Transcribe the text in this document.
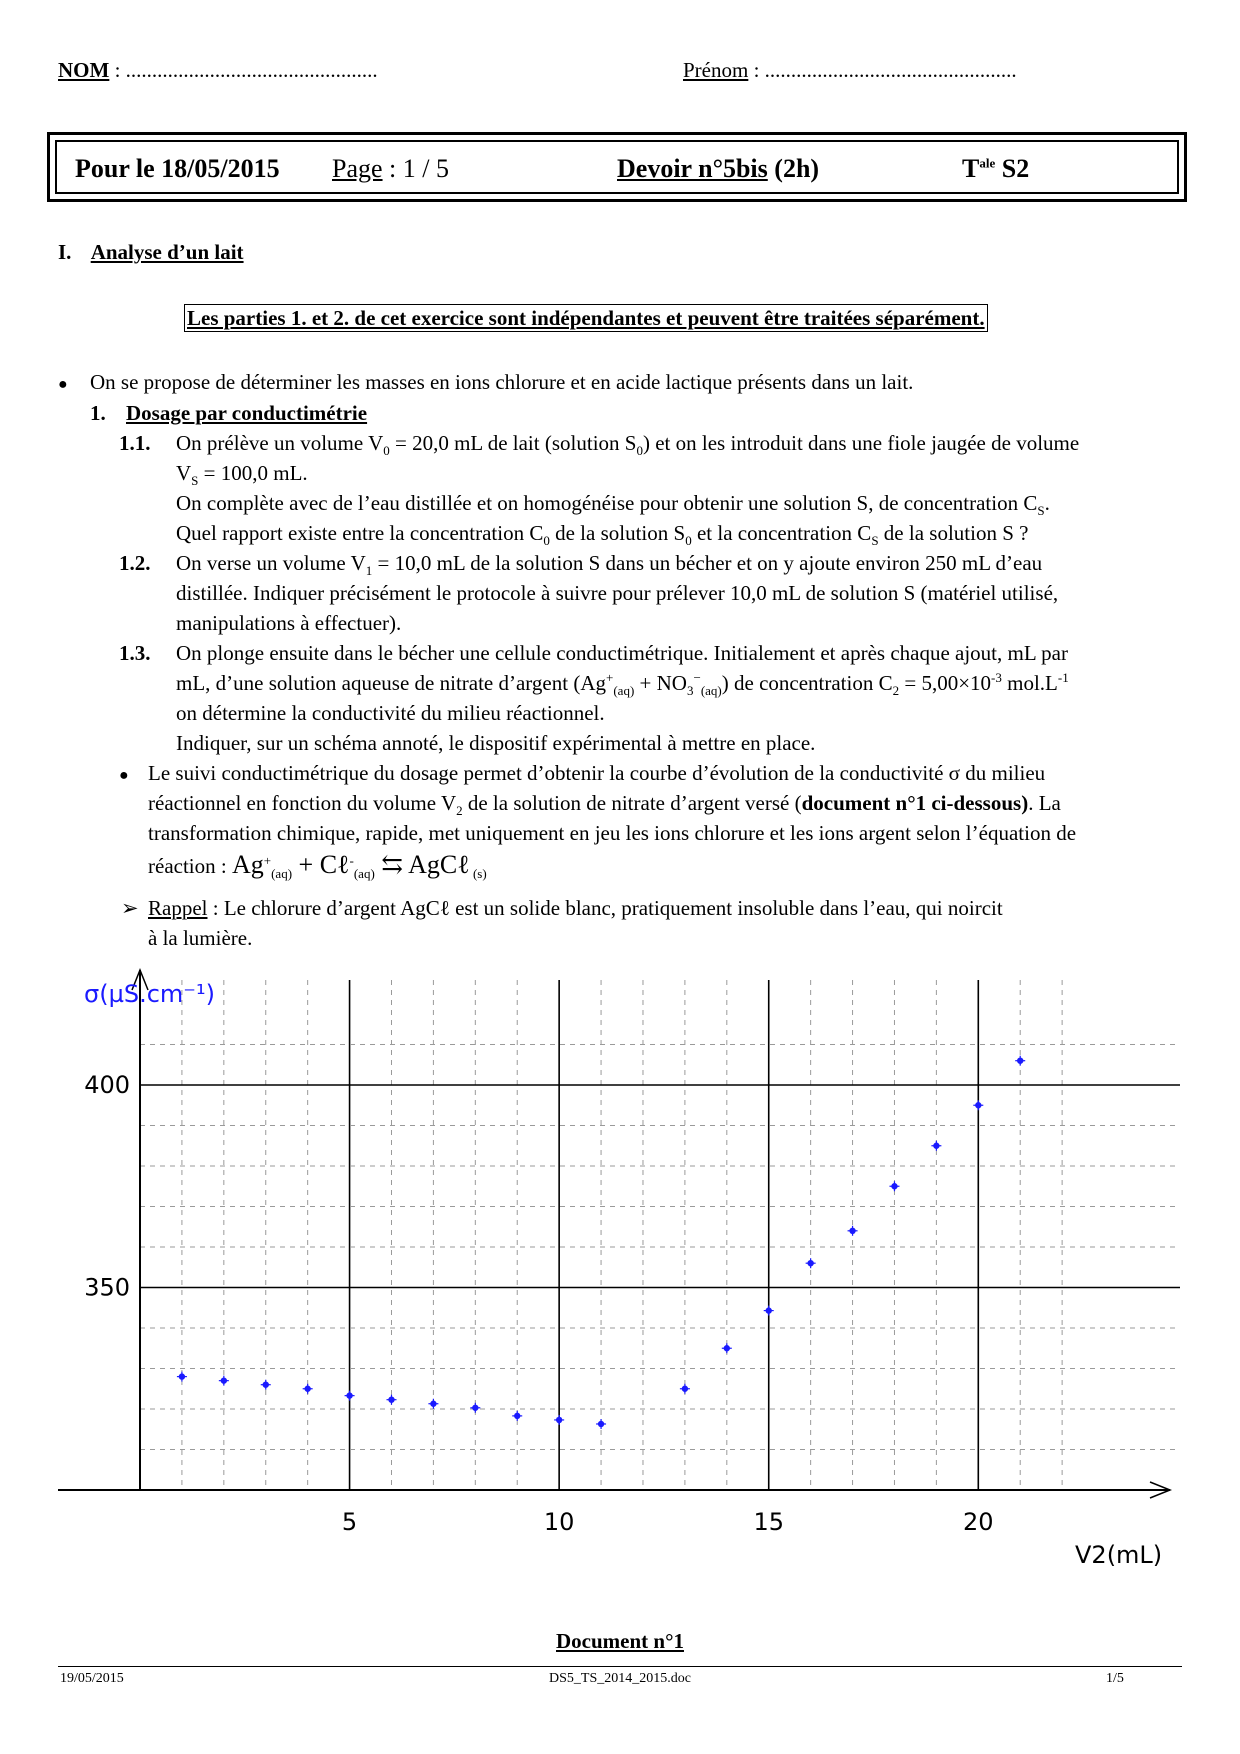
NOM : ................................................	Prénom : ................................................
Pour le 18/05/2015 Page : 1 / 5	Devoir n°5bis (2h)	$T^{ale}$ S2
I. Analyse d’un lait
Les parties 1. et 2. de cet exercice sont indépendantes et peuvent être traitées séparément.
● On se propose de déterminer les masses en ions chlorure et en acide lactique présents dans un lait.
1. Dosage par conductimétrie
1.1. On prélève un volume $V_0 = 20,0$ mL de lait (solution $S_0$) et on les introduit dans une fiole jaugée de volume
$V_S = 100,0$ mL.
On complète avec de l’eau distillée et on homogénéise pour obtenir une solution S, de concentration $C_S$.
Quel rapport existe entre la concentration $C_0$ de la solution $S_0$ et la concentration $C_S$ de la solution S ?
1.2. On verse un volume $V_1 = 10,0$ mL de la solution S dans un bécher et on y ajoute environ 250 mL d’eau
distillée. Indiquer précisément le protocole à suivre pour prélever 10,0 mL de solution S (matériel utilisé,
manipulations à effectuer).
1.3. On plonge ensuite dans le bécher une cellule conductimétrique. Initialement et après chaque ajout, mL par
mL, d’une solution aqueuse de nitrate d’argent $(Ag^+_{(aq)} + NO_3^-_{(aq)})$ de concentration $C_2 = 5,00\times 10^{-3}$ $mol.L^{-1}$
on détermine la conductivité du milieu réactionnel.
Indiquer, sur un schéma annoté, le dispositif expérimental à mettre en place.
● Le suivi conductimétrique du dosage permet d’obtenir la courbe d’évolution de la conductivité σ du milieu
réactionnel en fonction du volume $V_2$ de la solution de nitrate d’argent versé (document n°1 ci-dessous). La
transformation chimique, rapide, met uniquement en jeu les ions chlorure et les ions argent selon l’équation de
réaction : $Ag^+_{(aq)}$ + Cℓ-$_{(aq)}$ ⇆ AgCℓ $_{(s)}$
➢ Rappel : Le chlorure d’argent AgCℓ est un solide blanc, pratiquement insoluble dans l’eau, qui noircit
à la lumière.
5	10	15	20
350
400
σ(µS.cm⁻¹)
V2(mL)
Document n°1
19/05/2015	DS5_TS_2014_2015.doc	1/5
